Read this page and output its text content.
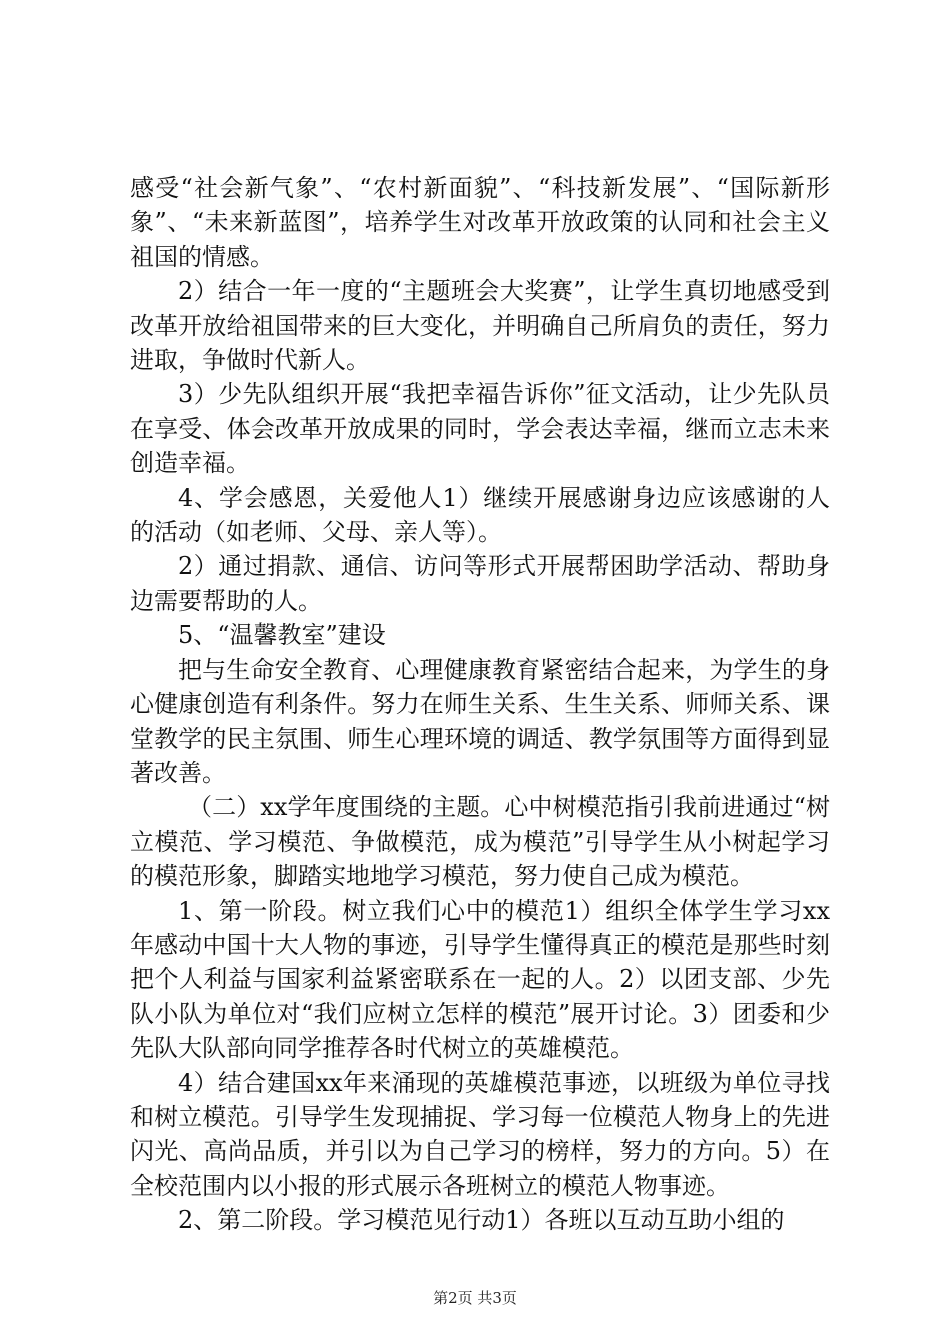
感受“社会新气象”、“农村新面貌”、“科技新发展”、“国际新形象”、“未来新蓝图”，培养学生对改革开放政策的认同和社会主义祖国的情感。

2）结合一年一度的“主题班会大奖赛”，让学生真切地感受到改革开放给祖国带来的巨大变化，并明确自己所肩负的责任，努力进取，争做时代新人。

3）少先队组织开展“我把幸福告诉你”征文活动，让少先队员在享受、体会改革开放成果的同时，学会表达幸福，继而立志未来创造幸福。

4、学会感恩，关爱他人1）继续开展感谢身边应该感谢的人的活动（如老师、父母、亲人等）。

2）通过捐款、通信、访问等形式开展帮困助学活动、帮助身边需要帮助的人。

5、“温馨教室”建设

把与生命安全教育、心理健康教育紧密结合起来，为学生的身心健康创造有利条件。努力在师生关系、生生关系、师师关系、课堂教学的民主氛围、师生心理环境的调适、教学氛围等方面得到显著改善。

（二）xx学年度围绕的主题。心中树模范指引我前进通过“树立模范、学习模范、争做模范，成为模范”引导学生从小树起学习的模范形象，脚踏实地地学习模范，努力使自己成为模范。

1、第一阶段。树立我们心中的模范1）组织全体学生学习xx年感动中国十大人物的事迹，引导学生懂得真正的模范是那些时刻把个人利益与国家利益紧密联系在一起的人。2）以团支部、少先队小队为单位对“我们应树立怎样的模范”展开讨论。3）团委和少先队大队部向同学推荐各时代树立的英雄模范。

4）结合建国xx年来涌现的英雄模范事迹，以班级为单位寻找和树立模范。引导学生发现捕捉、学习每一位模范人物身上的先进闪光、高尚品质，并引以为自己学习的榜样，努力的方向。5）在全校范围内以小报的形式展示各班树立的模范人物事迹。

2、第二阶段。学习模范见行动1）各班以互动互助小组的

第2页 共3页
